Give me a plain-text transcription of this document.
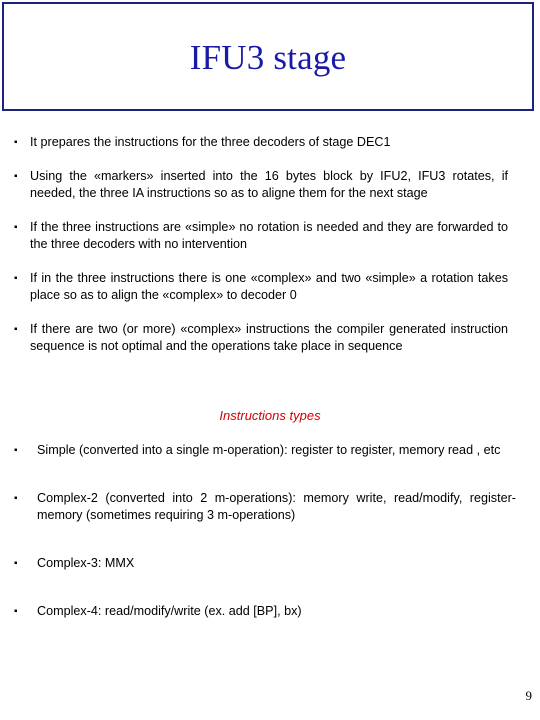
IFU3 stage
▪ It prepares the instructions for the three decoders of stage DEC1
▪ Using the «markers» inserted into the 16 bytes block by IFU2, IFU3 rotates, if needed, the three IA instructions so as to aligne them for the next stage
▪ If the three instructions are «simple» no rotation is needed and they are forwarded to the three decoders with no intervention
▪ If in the three instructions there is one «complex» and two «simple» a rotation takes place so as to align the «complex» to decoder 0
▪ If there are two (or more) «complex» instructions the compiler generated instruction sequence is not optimal and the operations take place in sequence
Instructions types
▪ Simple (converted into a single m-operation): register to register, memory read , etc
▪ Complex-2 (converted into 2 m-operations): memory write, read/modify, register-memory (sometimes requiring 3 m-operations)
▪ Complex-3: MMX
▪ Complex-4: read/modify/write (ex. add [BP], bx)
9
